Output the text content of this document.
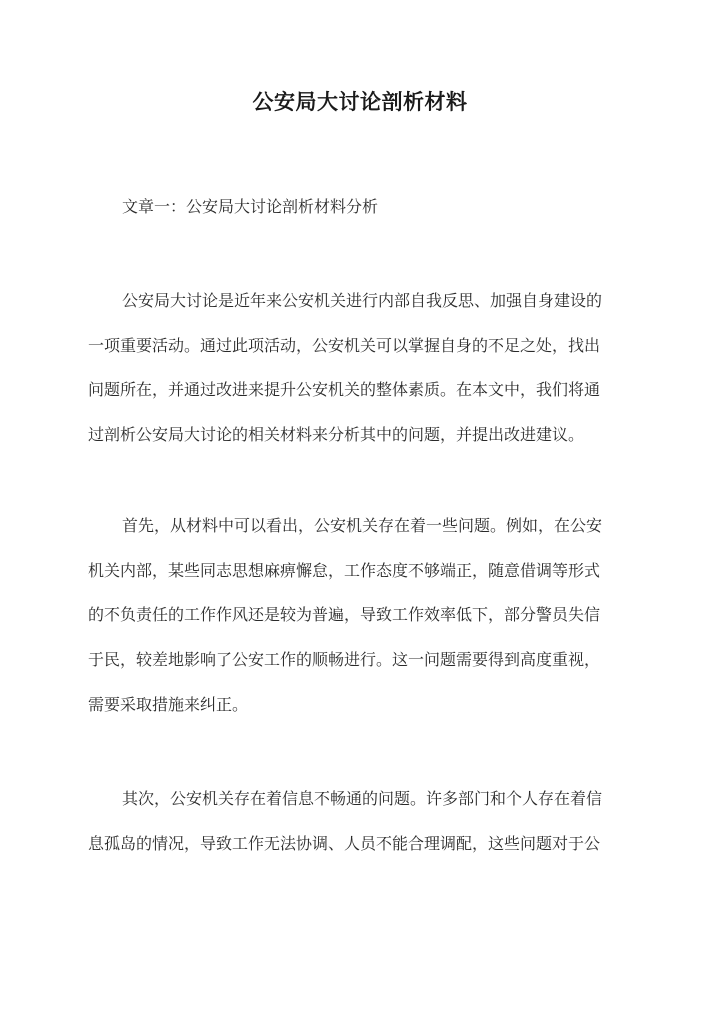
公安局大讨论剖析材料
文章一：公安局大讨论剖析材料分析
公安局大讨论是近年来公安机关进行内部自我反思、加强自身建设的
一项重要活动。通过此项活动，公安机关可以掌握自身的不足之处，找出
问题所在，并通过改进来提升公安机关的整体素质。在本文中，我们将通
过剖析公安局大讨论的相关材料来分析其中的问题，并提出改进建议。
首先，从材料中可以看出，公安机关存在着一些问题。例如，在公安
机关内部，某些同志思想麻痹懈怠，工作态度不够端正，随意借调等形式
的不负责任的工作作风还是较为普遍，导致工作效率低下，部分警员失信
于民，较差地影响了公安工作的顺畅进行。这一问题需要得到高度重视，
需要采取措施来纠正。
其次，公安机关存在着信息不畅通的问题。许多部门和个人存在着信
息孤岛的情况，导致工作无法协调、人员不能合理调配，这些问题对于公
